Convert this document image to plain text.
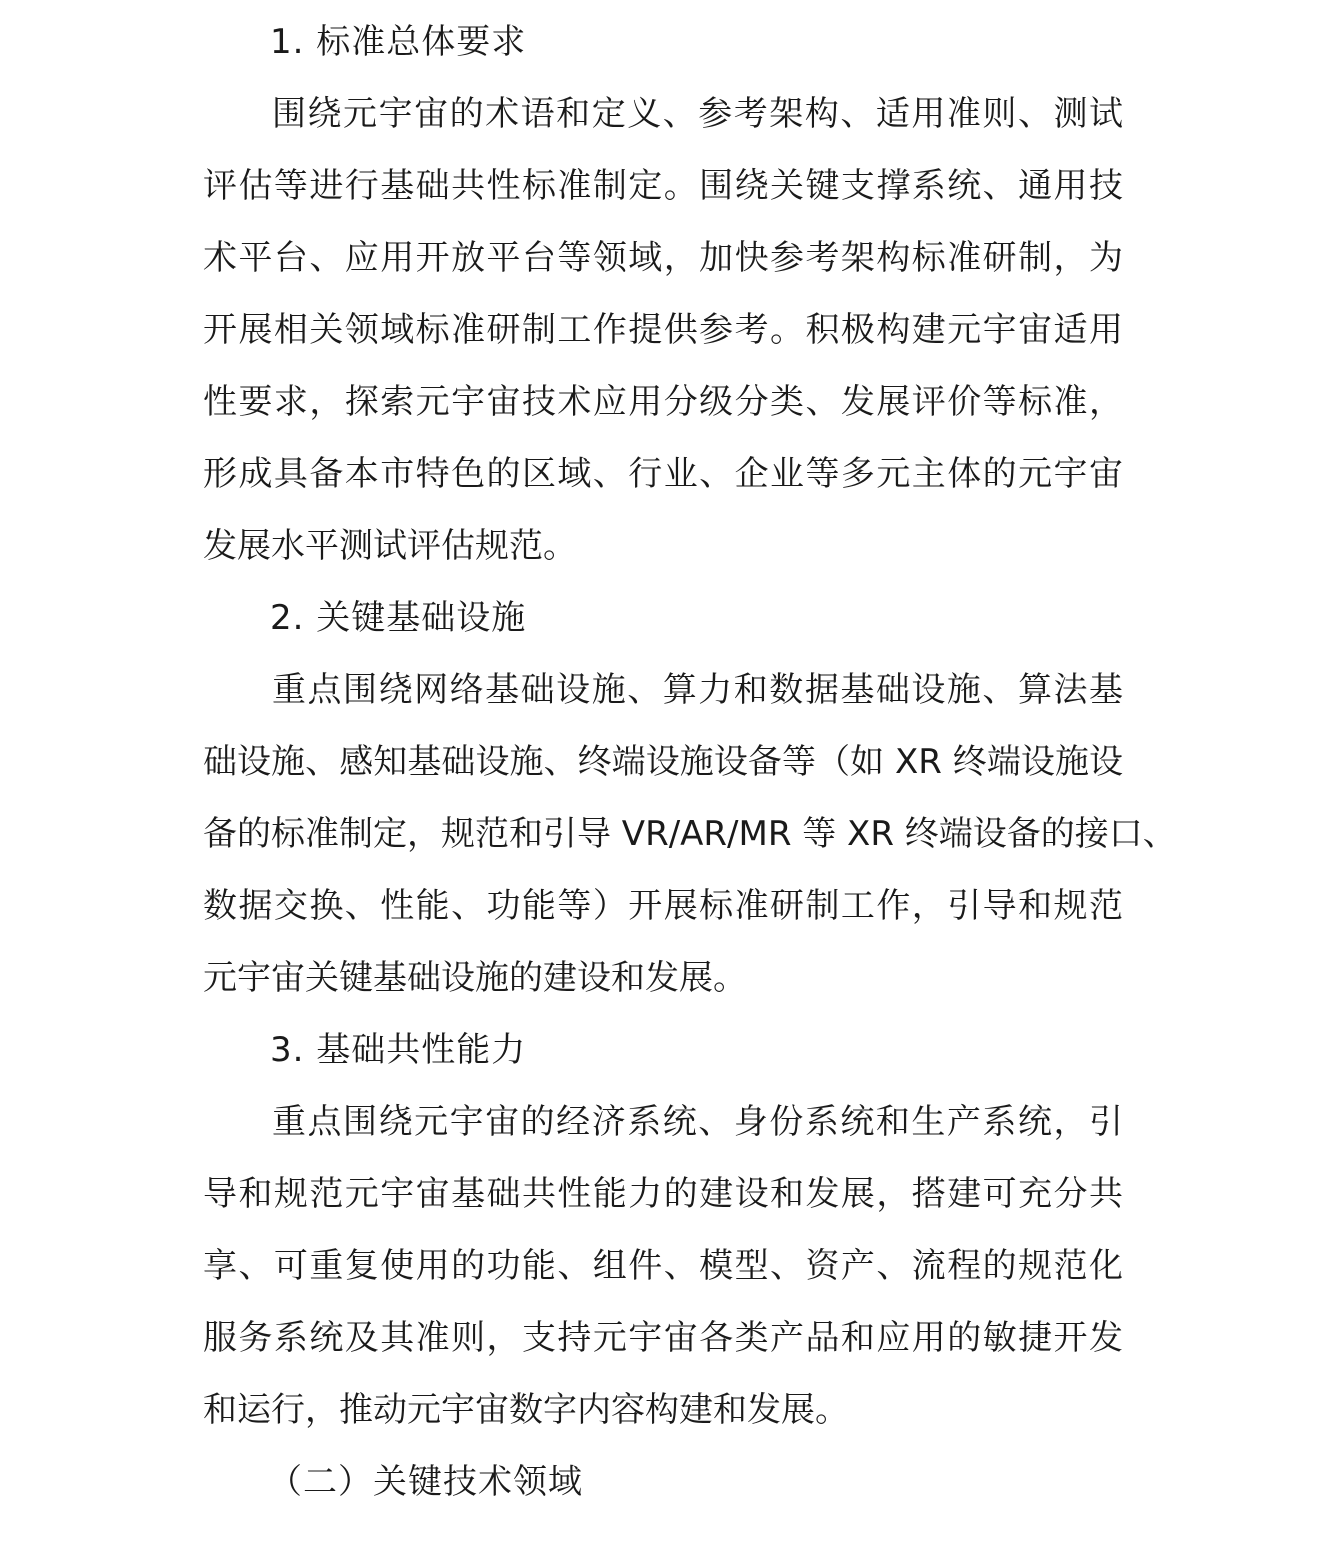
1. 标准总体要求
围绕元宇宙的术语和定义、参考架构、适用准则、测试
评估等进行基础共性标准制定。围绕关键支撑系统、通用技
术平台、应用开放平台等领域，加快参考架构标准研制，为
开展相关领域标准研制工作提供参考。积极构建元宇宙适用
性要求，探索元宇宙技术应用分级分类、发展评价等标准，
形成具备本市特色的区域、行业、企业等多元主体的元宇宙
发展水平测试评估规范。
2. 关键基础设施
重点围绕网络基础设施、算力和数据基础设施、算法基
础设施、感知基础设施、终端设施设备等（如 XR 终端设施设
备的标准制定，规范和引导 VR/AR/MR 等 XR 终端设备的接口、
数据交换、性能、功能等）开展标准研制工作，引导和规范
元宇宙关键基础设施的建设和发展。
3. 基础共性能力
重点围绕元宇宙的经济系统、身份系统和生产系统，引
导和规范元宇宙基础共性能力的建设和发展，搭建可充分共
享、可重复使用的功能、组件、模型、资产、流程的规范化
服务系统及其准则，支持元宇宙各类产品和应用的敏捷开发
和运行，推动元宇宙数字内容构建和发展。
（二）关键技术领域
